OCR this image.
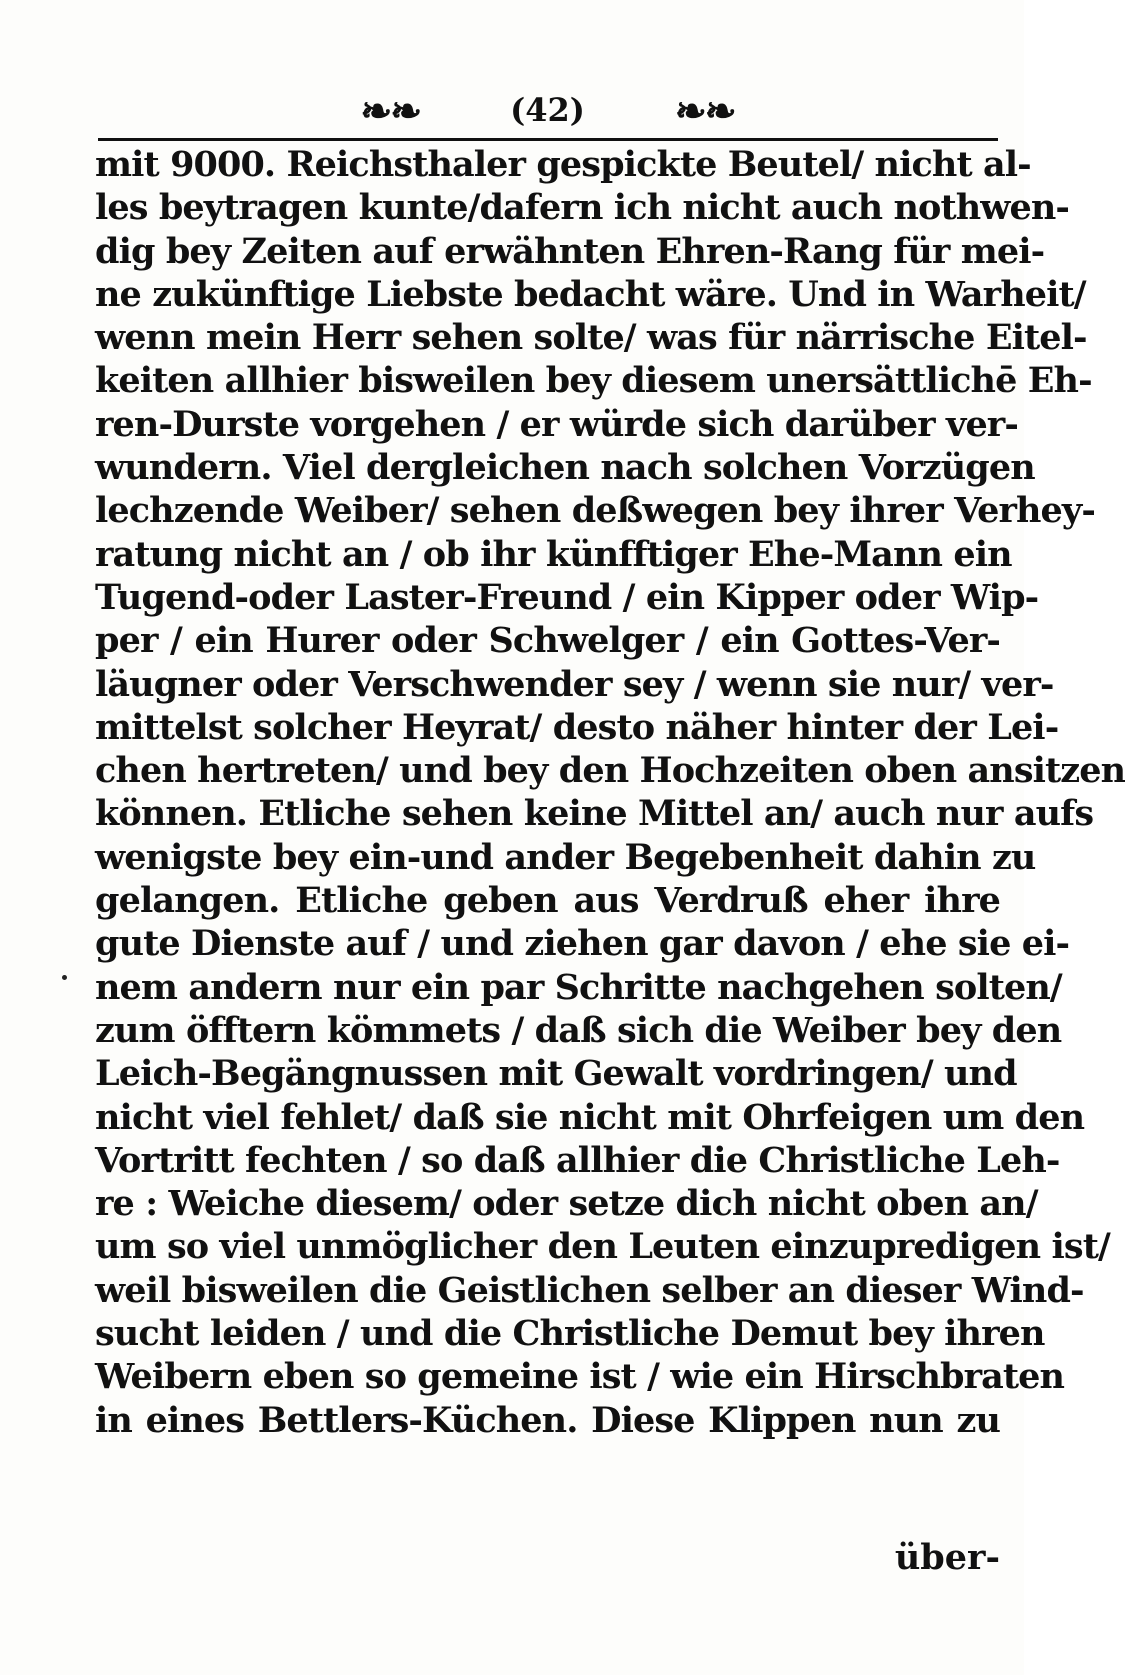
❧❧	(42) ❧❧
mit 9000. Reichsthaler gespickte Beutel/ nicht al-
les beytragen kunte/dafern ich nicht auch nothwen-
dig bey Zeiten auf erwähnten Ehren-Rang für mei-
ne zukünftige Liebste bedacht wäre. Und in Warheit/
wenn mein Herr sehen solte/ was für närrische Eitel-
keiten allhier bisweilen bey diesem unersättlichē Eh-
ren-Durste vorgehen / er würde sich darüber ver-
wundern. Viel dergleichen nach solchen Vorzügen
lechzende Weiber/ sehen deßwegen bey ihrer Verhey-
ratung nicht an / ob ihr künfftiger Ehe-Mann ein
Tugend-oder Laster-Freund / ein Kipper oder Wip-
per / ein Hurer oder Schwelger / ein Gottes-Ver-
läugner oder Verschwender sey / wenn sie nur/ ver-
mittelst solcher Heyrat/ desto näher hinter der Lei-
chen hertreten/ und bey den Hochzeiten oben ansitzen
können. Etliche sehen keine Mittel an/ auch nur aufs
wenigste bey ein-und ander Begebenheit dahin zu
gelangen. Etliche geben aus Verdruß eher ihre
gute Dienste auf / und ziehen gar davon / ehe sie ei-
nem andern nur ein par Schritte nachgehen solten/
zum öfftern kömmets / daß sich die Weiber bey den
Leich-Begängnussen mit Gewalt vordringen/ und
nicht viel fehlet/ daß sie nicht mit Ohrfeigen um den
Vortritt fechten / so daß allhier die Christliche Leh-
re : Weiche diesem/ oder setze dich nicht oben an/
um so viel unmöglicher den Leuten einzupredigen ist/
weil bisweilen die Geistlichen selber an dieser Wind-
sucht leiden / und die Christliche Demut bey ihren
Weibern eben so gemeine ist / wie ein Hirschbraten
in eines Bettlers-Küchen. Diese Klippen nun zu
über-
